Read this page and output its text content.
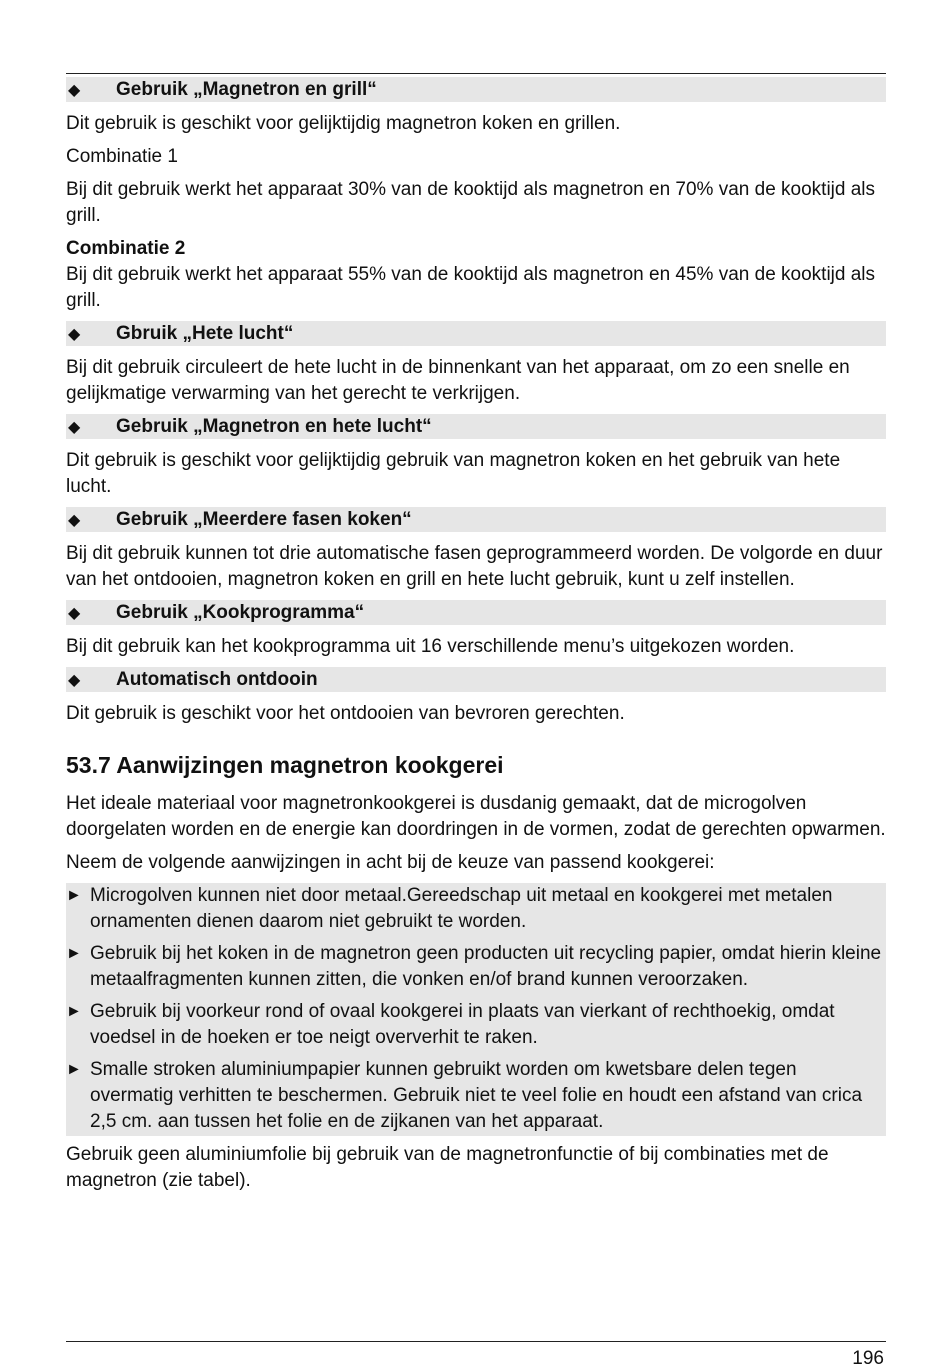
◆	Gebruik „Magnetron en grill“

Dit gebruik is geschikt voor gelijktijdig magnetron koken en grillen.

Combinatie 1

Bij dit gebruik werkt het apparaat 30% van de kooktijd als magnetron en 70% van de kooktijd als grill.

Combinatie 2

Bij dit gebruik werkt het apparaat 55% van de kooktijd als magnetron en 45% van de kooktijd als grill.

◆	Gbruik „Hete lucht“

Bij dit gebruik circuleert de hete lucht in de binnenkant van het apparaat, om zo een snelle en gelijkmatige verwarming van het gerecht te verkrijgen.

◆	Gebruik „Magnetron en hete lucht“

Dit gebruik is geschikt voor gelijktijdig gebruik van magnetron koken en het gebruik van hete lucht.

◆	Gebruik „Meerdere fasen koken“

Bij dit gebruik kunnen tot drie automatische fasen geprogrammeerd worden. De volgorde en duur van het ontdooien, magnetron koken en grill en hete lucht gebruik, kunt u zelf instellen.

◆	Gebruik „Kookprogramma“

Bij dit gebruik kan het kookprogramma uit 16 verschillende menu’s uitgekozen worden.

◆	Automatisch ontdooin

Dit gebruik is geschikt voor het ontdooien van bevroren gerechten.

53.7 Aanwijzingen magnetron kookgerei

Het ideale materiaal voor magnetronkookgerei is dusdanig gemaakt, dat de microgolven doorgelaten worden en de energie kan doordringen in de vormen, zodat de gerechten opwarmen.

Neem de volgende aanwijzingen in acht bij de keuze van passend kookgerei:

► Microgolven kunnen niet door metaal.Gereedschap uit metaal en kookgerei met metalen ornamenten dienen daarom niet gebruikt te worden.
► Gebruik bij het koken in de magnetron geen producten uit recycling papier, omdat hierin kleine metaalfragmenten kunnen zitten, die vonken en/of brand kunnen veroorzaken.
► Gebruik bij voorkeur rond of ovaal kookgerei in plaats van vierkant of rechthoekig, omdat voedsel in de hoeken er toe neigt oververhit te raken.
► Smalle stroken aluminiumpapier kunnen gebruikt worden om kwetsbare delen tegen overmatig verhitten te beschermen. Gebruik niet te veel folie en houdt een afstand van crica 2,5 cm. aan tussen het folie en de zijkanen van het apparaat.

Gebruik geen aluminiumfolie bij gebruik van de magnetronfunctie of bij combinaties met de magnetron (zie tabel).

196
